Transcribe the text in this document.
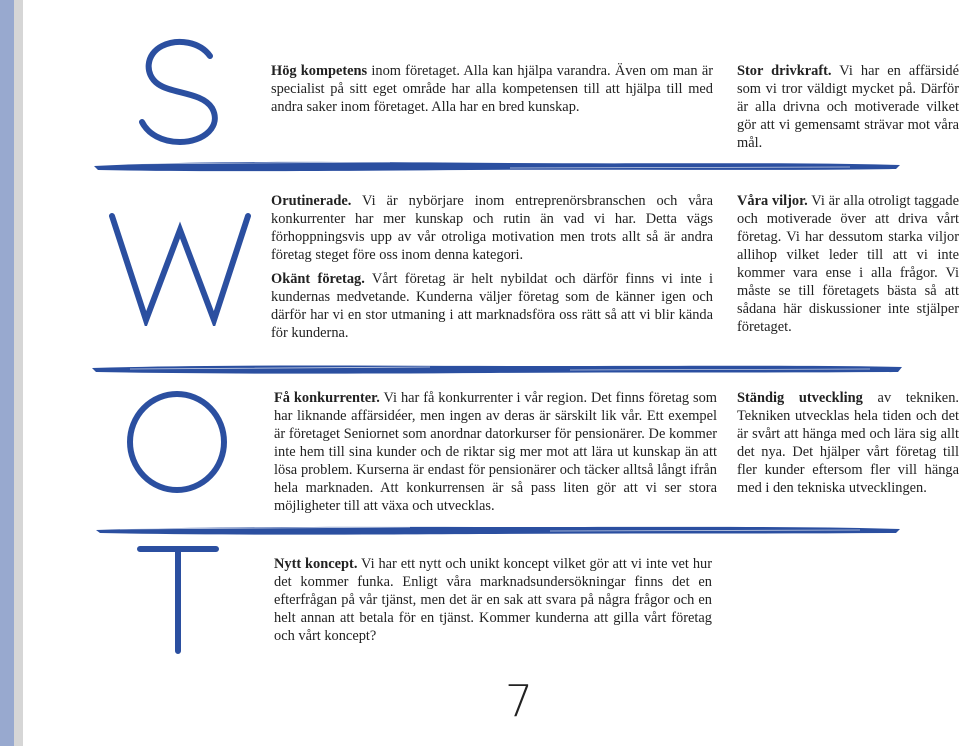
Hög kompetens inom företaget. Alla kan hjälpa varandra. Även om man är specialist på sitt eget område har alla kompetensen till att hjälpa till med andra saker inom företaget. Alla har en bred kunskap.

Stor drivkraft. Vi har en affärsidé som vi tror väldigt mycket på. Därför är alla drivna och motiverade vilket gör att vi gemensamt strävar mot våra mål.

Orutinerade. Vi är nybörjare inom entreprenörsbranschen och våra konkurrenter har mer kunskap och rutin än vad vi har. Detta vägs förhoppningsvis upp av vår otroliga motivation men trots allt så är andra företag steget före oss inom denna kategori.

Okänt företag. Vårt företag är helt nybildat och därför finns vi inte i kundernas medvetande. Kunderna väljer företag som de känner igen och därför har vi en stor utmaning i att marknadsföra oss rätt så att vi blir kända för kunderna.

Våra viljor. Vi är alla otroligt taggade och motiverade över att driva vårt företag. Vi har dessutom starka viljor allihop vilket leder till att vi inte kommer vara ense i alla frågor. Vi måste se till företagets bästa så att sådana här diskussioner inte stjälper företaget.

Få konkurrenter. Vi har få konkurrenter i vår region. Det finns företag som har liknande affärsidéer, men ingen av deras är särskilt lik vår. Ett exempel är företaget Seniornet som anordnar datorkurser för pensionärer. De kommer inte hem till sina kunder och de riktar sig mer mot att lära ut kunskap än att lösa problem. Kurserna är endast för pensionärer och täcker alltså långt ifrån hela marknaden. Att konkurrensen är så pass liten gör att vi ser stora möjligheter till att växa och utvecklas.

Ständig utveckling av tekniken. Tekniken utvecklas hela tiden och det är svårt att hänga med och lära sig allt det nya. Det hjälper vårt företag till fler kunder eftersom fler vill hänga med i den tekniska utvecklingen.

Nytt koncept. Vi har ett nytt och unikt koncept vilket gör att vi inte vet hur det kommer funka. Enligt våra marknadsundersökningar finns det en efterfrågan på vår tjänst, men det är en sak att svara på några frågor och en helt annan att betala för en tjänst. Kommer kunderna att gilla vårt företag och vårt koncept?

7
